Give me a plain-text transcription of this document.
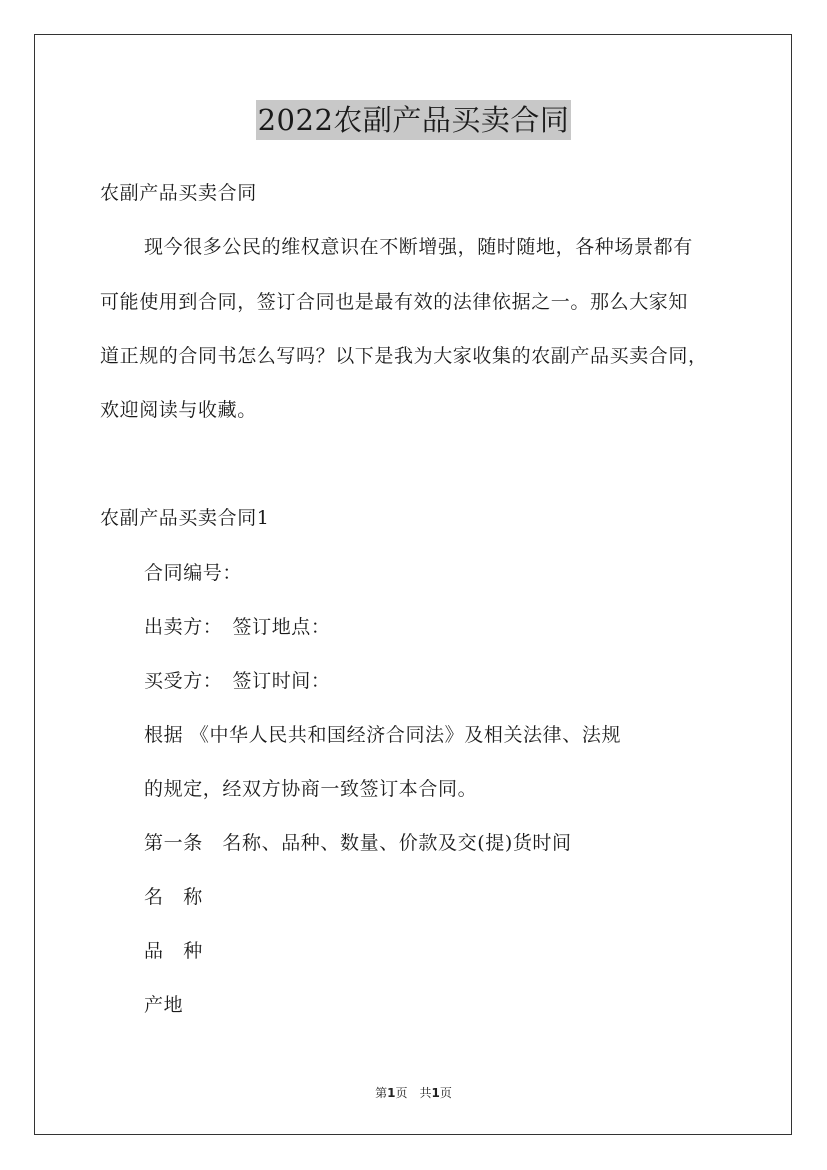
2022农副产品买卖合同
农副产品买卖合同
现今很多公民的维权意识在不断增强，随时随地，各种场景都有
可能使用到合同，签订合同也是最有效的法律依据之一。那么大家知
道正规的合同书怎么写吗？以下是我为大家收集的农副产品买卖合同，
欢迎阅读与收藏。
农副产品买卖合同1
合同编号：
出卖方：　签订地点：
买受方：　签订时间：
根据 《中华人民共和国经济合同法》及相关法律、法规
的规定，经双方协商一致签订本合同。
第一条　名称、品种、数量、价款及交(提)货时间
名　称
品　种
产地
第1页 共1页
